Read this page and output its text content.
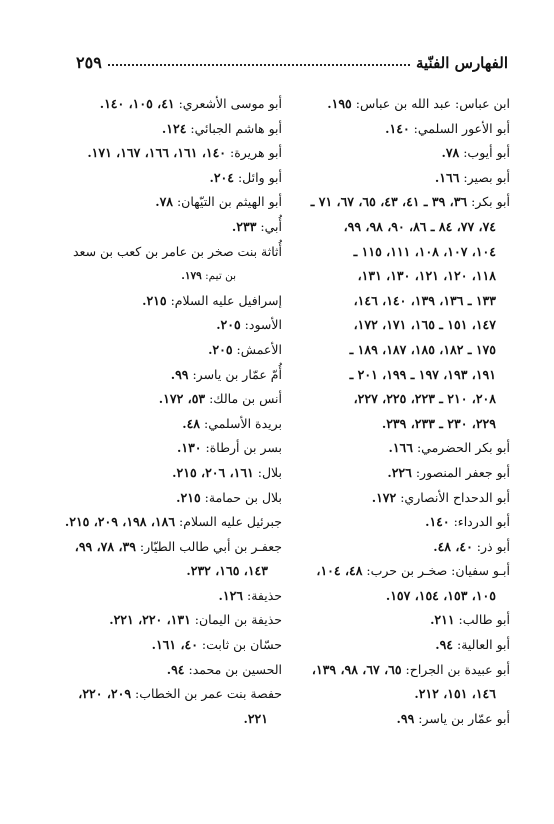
الفهارس الفنّية
٢٥٩
ابن عباس: عبد الله بن عباس: ١٩٥.
أبو الأعور السلمي: ١٤٠.
أبو أيوب: ٧٨.
أبو بصير: ١٦٦.
أبو بكر: ٣٦، ٣٩ ـ ٤١، ٤٣، ٦٥، ٦٧، ٧١ ـ
٧٤، ٧٧، ٨٤ ـ ٨٦، ٩٠، ٩٨، ٩٩،
١٠٤، ١٠٧، ١٠٨، ١١١، ١١٥ ـ
١١٨، ١٢٠، ١٢١، ١٣٠، ١٣١،
١٣٣ ـ ١٣٦، ١٣٩، ١٤٠، ١٤٦،
١٤٧، ١٥١ ـ ١٦٥، ١٧١، ١٧٢،
١٧٥ ـ ١٨٢، ١٨٥، ١٨٧، ١٨٩ ـ
١٩١، ١٩٣، ١٩٧ ـ ١٩٩، ٢٠١ ـ
٢٠٨، ٢١٠ ـ ٢٢٣، ٢٢٥، ٢٢٧،
٢٢٩، ٢٣٠ ـ ٢٣٣، ٢٣٩.
أبو بكر الحضرمي: ١٦٦.
أبو جعفر المنصور: ٢٢٦.
أبو الدحداح الأنصاري: ١٧٢.
أبو الدرداء: ١٤٠.
أبو ذر: ٤٠، ٤٨.
أبـو سفيان: صخـر بن حرب: ٤٨، ١٠٤،
١٠٥، ١٥٣، ١٥٤، ١٥٧.
أبو طالب: ٢١١.
أبو العالية: ٩٤.
أبو عبيدة بن الجراح: ٦٥، ٦٧، ٩٨، ١٣٩،
١٤٦، ١٥١، ٢١٢.
أبو عمّار بن ياسر: ٩٩.
أبو موسى الأشعري: ٤١، ١٠٥، ١٤٠.
أبو هاشم الجبائي: ١٢٤.
أبو هريرة: ١٤٠، ١٦١، ١٦٦، ١٦٧، ١٧١.
أبو وائل: ٢٠٤.
أبو الهيثم بن التيّهان: ٧٨.
أُبي: ٢٣٣.
أُثاثة بنت صخر بن عامر بن كعب بن سعد
بن تيم: ١٧٩.
إسرافيل عليه السلام: ٢١٥.
الأسود: ٢٠٥.
الأعمش: ٢٠٥.
أُمّ عمّار بن ياسر: ٩٩.
أنس بن مالك: ٥٣، ١٧٢.
بريدة الأسلمي: ٤٨.
بسر بن أرطاة: ١٣٠.
بلال: ١٦١، ٢٠٦، ٢١٥.
بلال بن حمامة: ٢١٥.
جبرئيل عليه السلام: ١٨٦، ١٩٨، ٢٠٩، ٢١٥.
جعفـر بن أبي طالب الطيّار: ٣٩، ٧٨، ٩٩،
١٤٣، ١٦٥، ٢٣٢.
حذيفة: ١٢٦.
حذيفة بن اليمان: ١٣١، ٢٢٠، ٢٢١.
حسّان بن ثابت: ٤٠، ١٦١.
الحسين بن محمد: ٩٤.
حفصة بنت عمر بن الخطاب: ٢٠٩، ٢٢٠،
٢٢١.
